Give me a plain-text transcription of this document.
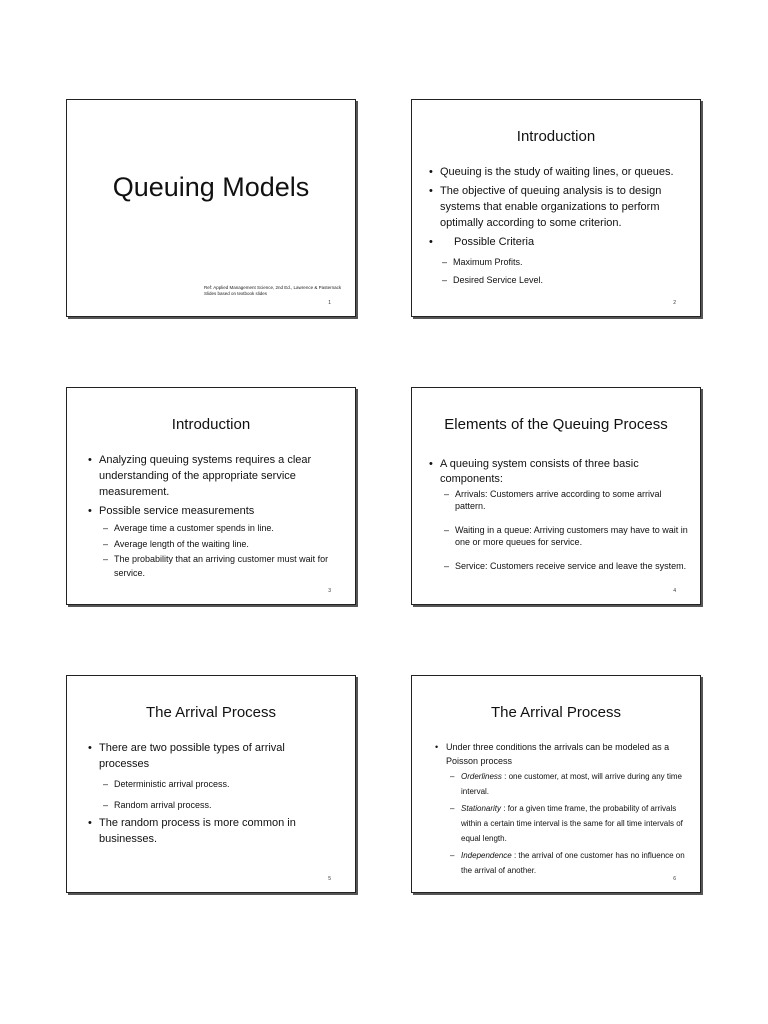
Queuing Models
Ref: Applied Management Science, 2nd Ed., Lawrence & Pasternack
Slides based on textbook slides
1
Introduction
• Queuing is the study of waiting lines, or queues.
• The objective of queuing analysis is to design systems that enable organizations to perform optimally according to some criterion.
• Possible Criteria
– Maximum Profits.
– Desired Service Level.
2
Introduction
• Analyzing queuing systems requires a clear understanding of the appropriate service measurement.
• Possible service measurements
– Average time a customer spends in line.
– Average length of the waiting line.
– The probability that an arriving customer must wait for service.
3
Elements of the Queuing Process
• A queuing system consists of three basic components:
– Arrivals: Customers arrive according to some arrival pattern.
– Waiting in a queue: Arriving customers may have to wait in one or more queues for service.
– Service: Customers receive service and leave the system.
4
The Arrival Process
• There are two possible types of arrival processes
– Deterministic arrival process.
– Random arrival process.
• The random process is more common in businesses.
5
The Arrival Process
• Under three conditions the arrivals can be modeled as a Poisson process
– Orderliness : one customer, at most, will arrive during any time interval.
– Stationarity : for a given time frame, the probability of arrivals within a certain time interval is the same for all time intervals of equal length.
– Independence : the arrival of one customer has no influence on the arrival of another.
6
